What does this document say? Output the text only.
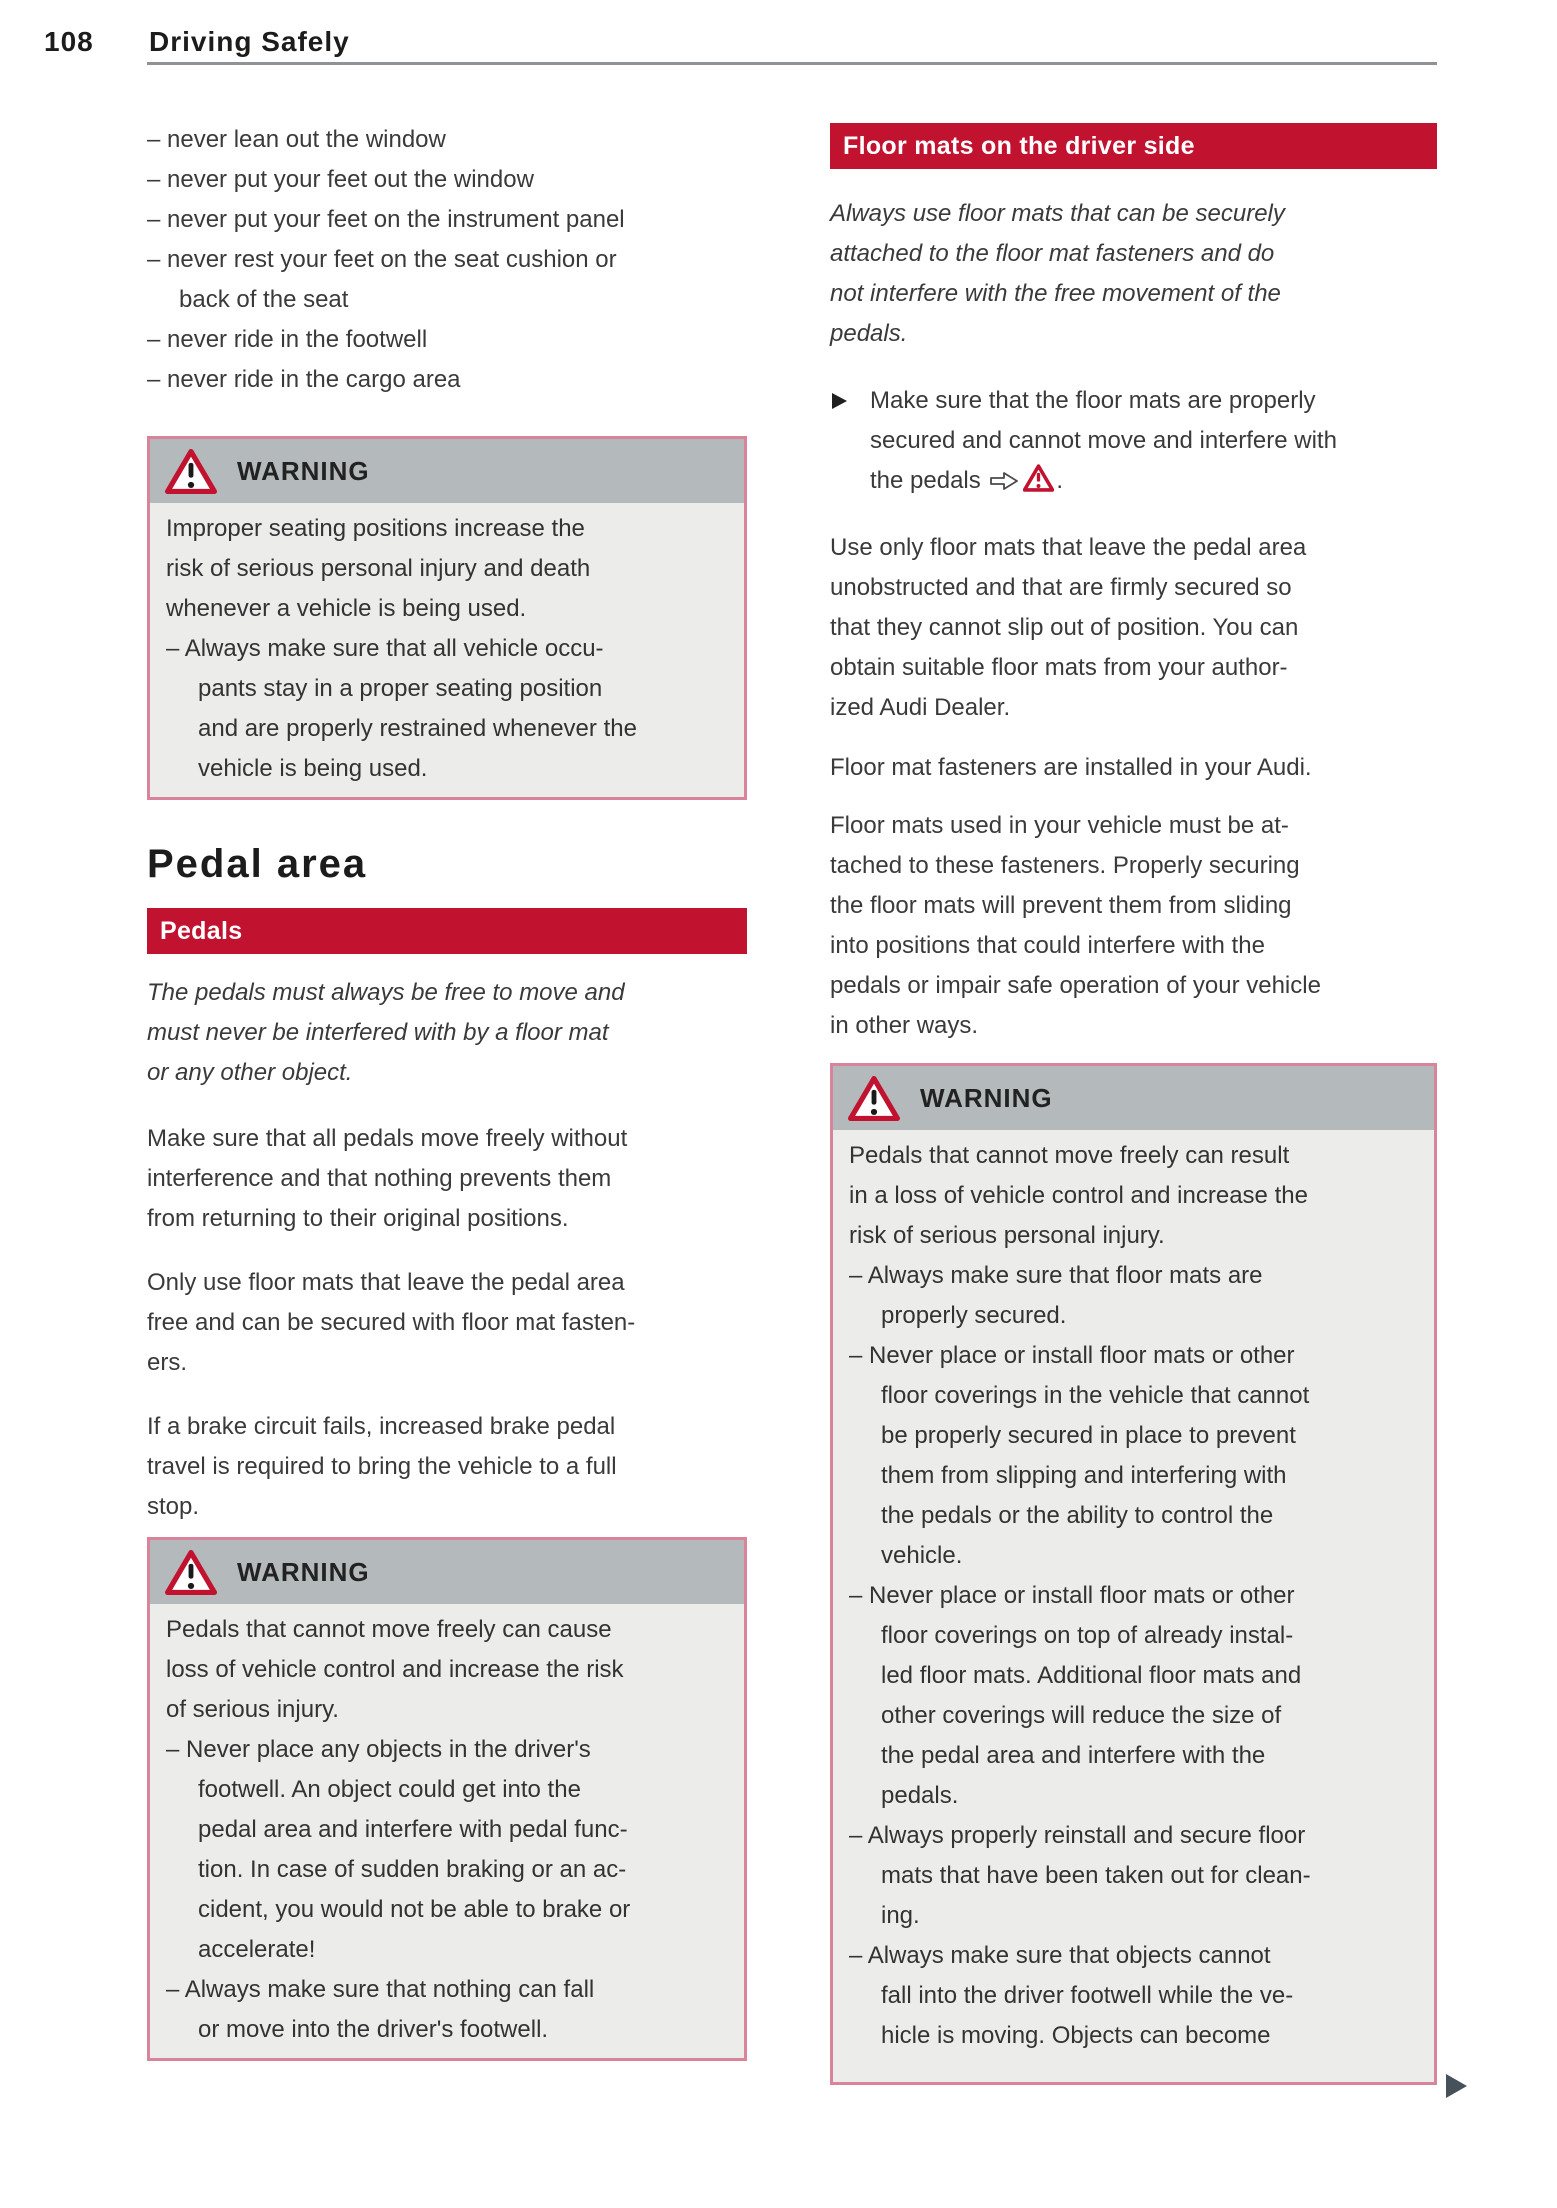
108 Driving Safely
– never lean out the window
– never put your feet out the window
– never put your feet on the instrument panel
– never rest your feet on the seat cushion or
back of the seat
– never ride in the footwell
– never ride in the cargo area
WARNING
Improper seating positions increase the
risk of serious personal injury and death
whenever a vehicle is being used.
– Always make sure that all vehicle occu-
pants stay in a proper seating position
and are properly restrained whenever the
vehicle is being used.
Pedal area
Pedals
The pedals must always be free to move and
must never be interfered with by a floor mat
or any other object.
Make sure that all pedals move freely without
interference and that nothing prevents them
from returning to their original positions.
Only use floor mats that leave the pedal area
free and can be secured with floor mat fasten-
ers.
If a brake circuit fails, increased brake pedal
travel is required to bring the vehicle to a full
stop.
WARNING
Pedals that cannot move freely can cause
loss of vehicle control and increase the risk
of serious injury.
– Never place any objects in the driver's
footwell. An object could get into the
pedal area and interfere with pedal func-
tion. In case of sudden braking or an ac-
cident, you would not be able to brake or
accelerate!
– Always make sure that nothing can fall
or move into the driver's footwell.
Floor mats on the driver side
Always use floor mats that can be securely
attached to the floor mat fasteners and do
not interfere with the free movement of the
pedals.
Make sure that the floor mats are properly
secured and cannot move and interfere with
the pedals	.
Use only floor mats that leave the pedal area
unobstructed and that are firmly secured so
that they cannot slip out of position. You can
obtain suitable floor mats from your author-
ized Audi Dealer.
Floor mat fasteners are installed in your Audi.
Floor mats used in your vehicle must be at-
tached to these fasteners. Properly securing
the floor mats will prevent them from sliding
into positions that could interfere with the
pedals or impair safe operation of your vehicle
in other ways.
WARNING
Pedals that cannot move freely can result
in a loss of vehicle control and increase the
risk of serious personal injury.
– Always make sure that floor mats are
properly secured.
– Never place or install floor mats or other
floor coverings in the vehicle that cannot
be properly secured in place to prevent
them from slipping and interfering with
the pedals or the ability to control the
vehicle.
– Never place or install floor mats or other
floor coverings on top of already instal-
led floor mats. Additional floor mats and
other coverings will reduce the size of
the pedal area and interfere with the
pedals.
– Always properly reinstall and secure floor
mats that have been taken out for clean-
ing.
– Always make sure that objects cannot
fall into the driver footwell while the ve-
hicle is moving. Objects can become
